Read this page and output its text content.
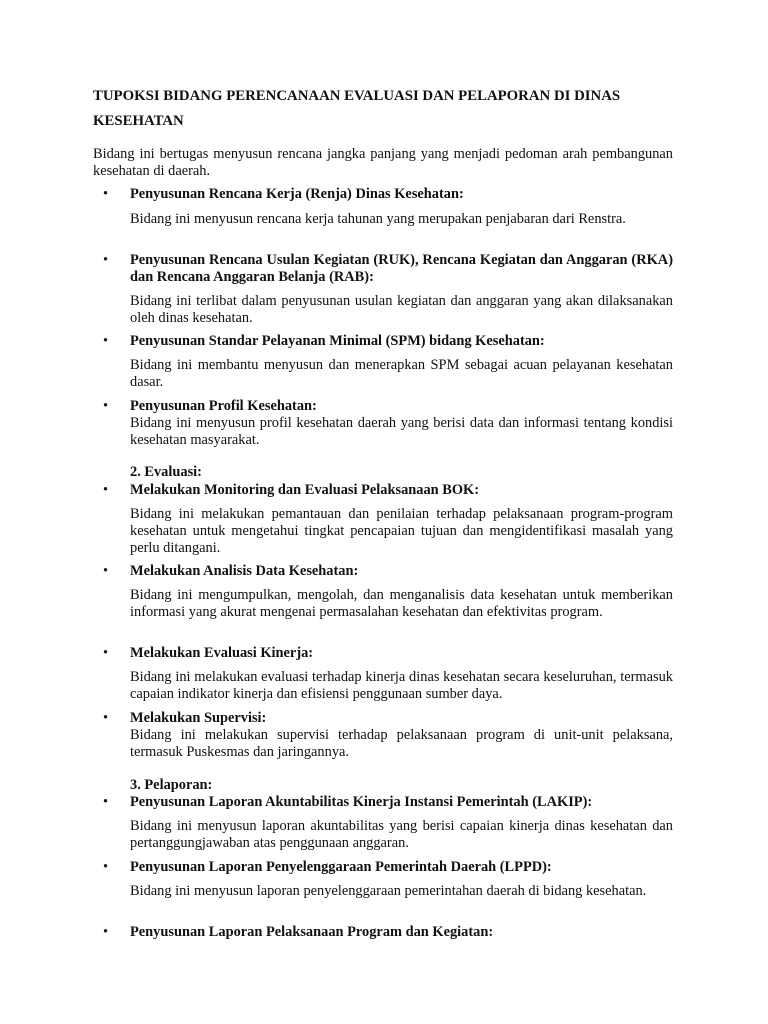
TUPOKSI BIDANG PERENCANAAN EVALUASI DAN PELAPORAN DI DINAS KESEHATAN
Bidang ini bertugas menyusun rencana jangka panjang yang menjadi pedoman arah pembangunan kesehatan di daerah.
• Penyusunan Rencana Kerja (Renja) Dinas Kesehatan:
Bidang ini menyusun rencana kerja tahunan yang merupakan penjabaran dari Renstra.
• Penyusunan Rencana Usulan Kegiatan (RUK), Rencana Kegiatan dan Anggaran (RKA) dan Rencana Anggaran Belanja (RAB):
Bidang ini terlibat dalam penyusunan usulan kegiatan dan anggaran yang akan dilaksanakan oleh dinas kesehatan.
• Penyusunan Standar Pelayanan Minimal (SPM) bidang Kesehatan:
Bidang ini membantu menyusun dan menerapkan SPM sebagai acuan pelayanan kesehatan dasar.
• Penyusunan Profil Kesehatan:
Bidang ini menyusun profil kesehatan daerah yang berisi data dan informasi tentang kondisi kesehatan masyarakat.
2. Evaluasi:
• Melakukan Monitoring dan Evaluasi Pelaksanaan BOK:
Bidang ini melakukan pemantauan dan penilaian terhadap pelaksanaan program-program kesehatan untuk mengetahui tingkat pencapaian tujuan dan mengidentifikasi masalah yang perlu ditangani.
• Melakukan Analisis Data Kesehatan:
Bidang ini mengumpulkan, mengolah, dan menganalisis data kesehatan untuk memberikan informasi yang akurat mengenai permasalahan kesehatan dan efektivitas program.
• Melakukan Evaluasi Kinerja:
Bidang ini melakukan evaluasi terhadap kinerja dinas kesehatan secara keseluruhan, termasuk capaian indikator kinerja dan efisiensi penggunaan sumber daya.
• Melakukan Supervisi:
Bidang ini melakukan supervisi terhadap pelaksanaan program di unit-unit pelaksana, termasuk Puskesmas dan jaringannya.
3. Pelaporan:
• Penyusunan Laporan Akuntabilitas Kinerja Instansi Pemerintah (LAKIP):
Bidang ini menyusun laporan akuntabilitas yang berisi capaian kinerja dinas kesehatan dan pertanggungjawaban atas penggunaan anggaran.
• Penyusunan Laporan Penyelenggaraan Pemerintah Daerah (LPPD):
Bidang ini menyusun laporan penyelenggaraan pemerintahan daerah di bidang kesehatan.
• Penyusunan Laporan Pelaksanaan Program dan Kegiatan:
